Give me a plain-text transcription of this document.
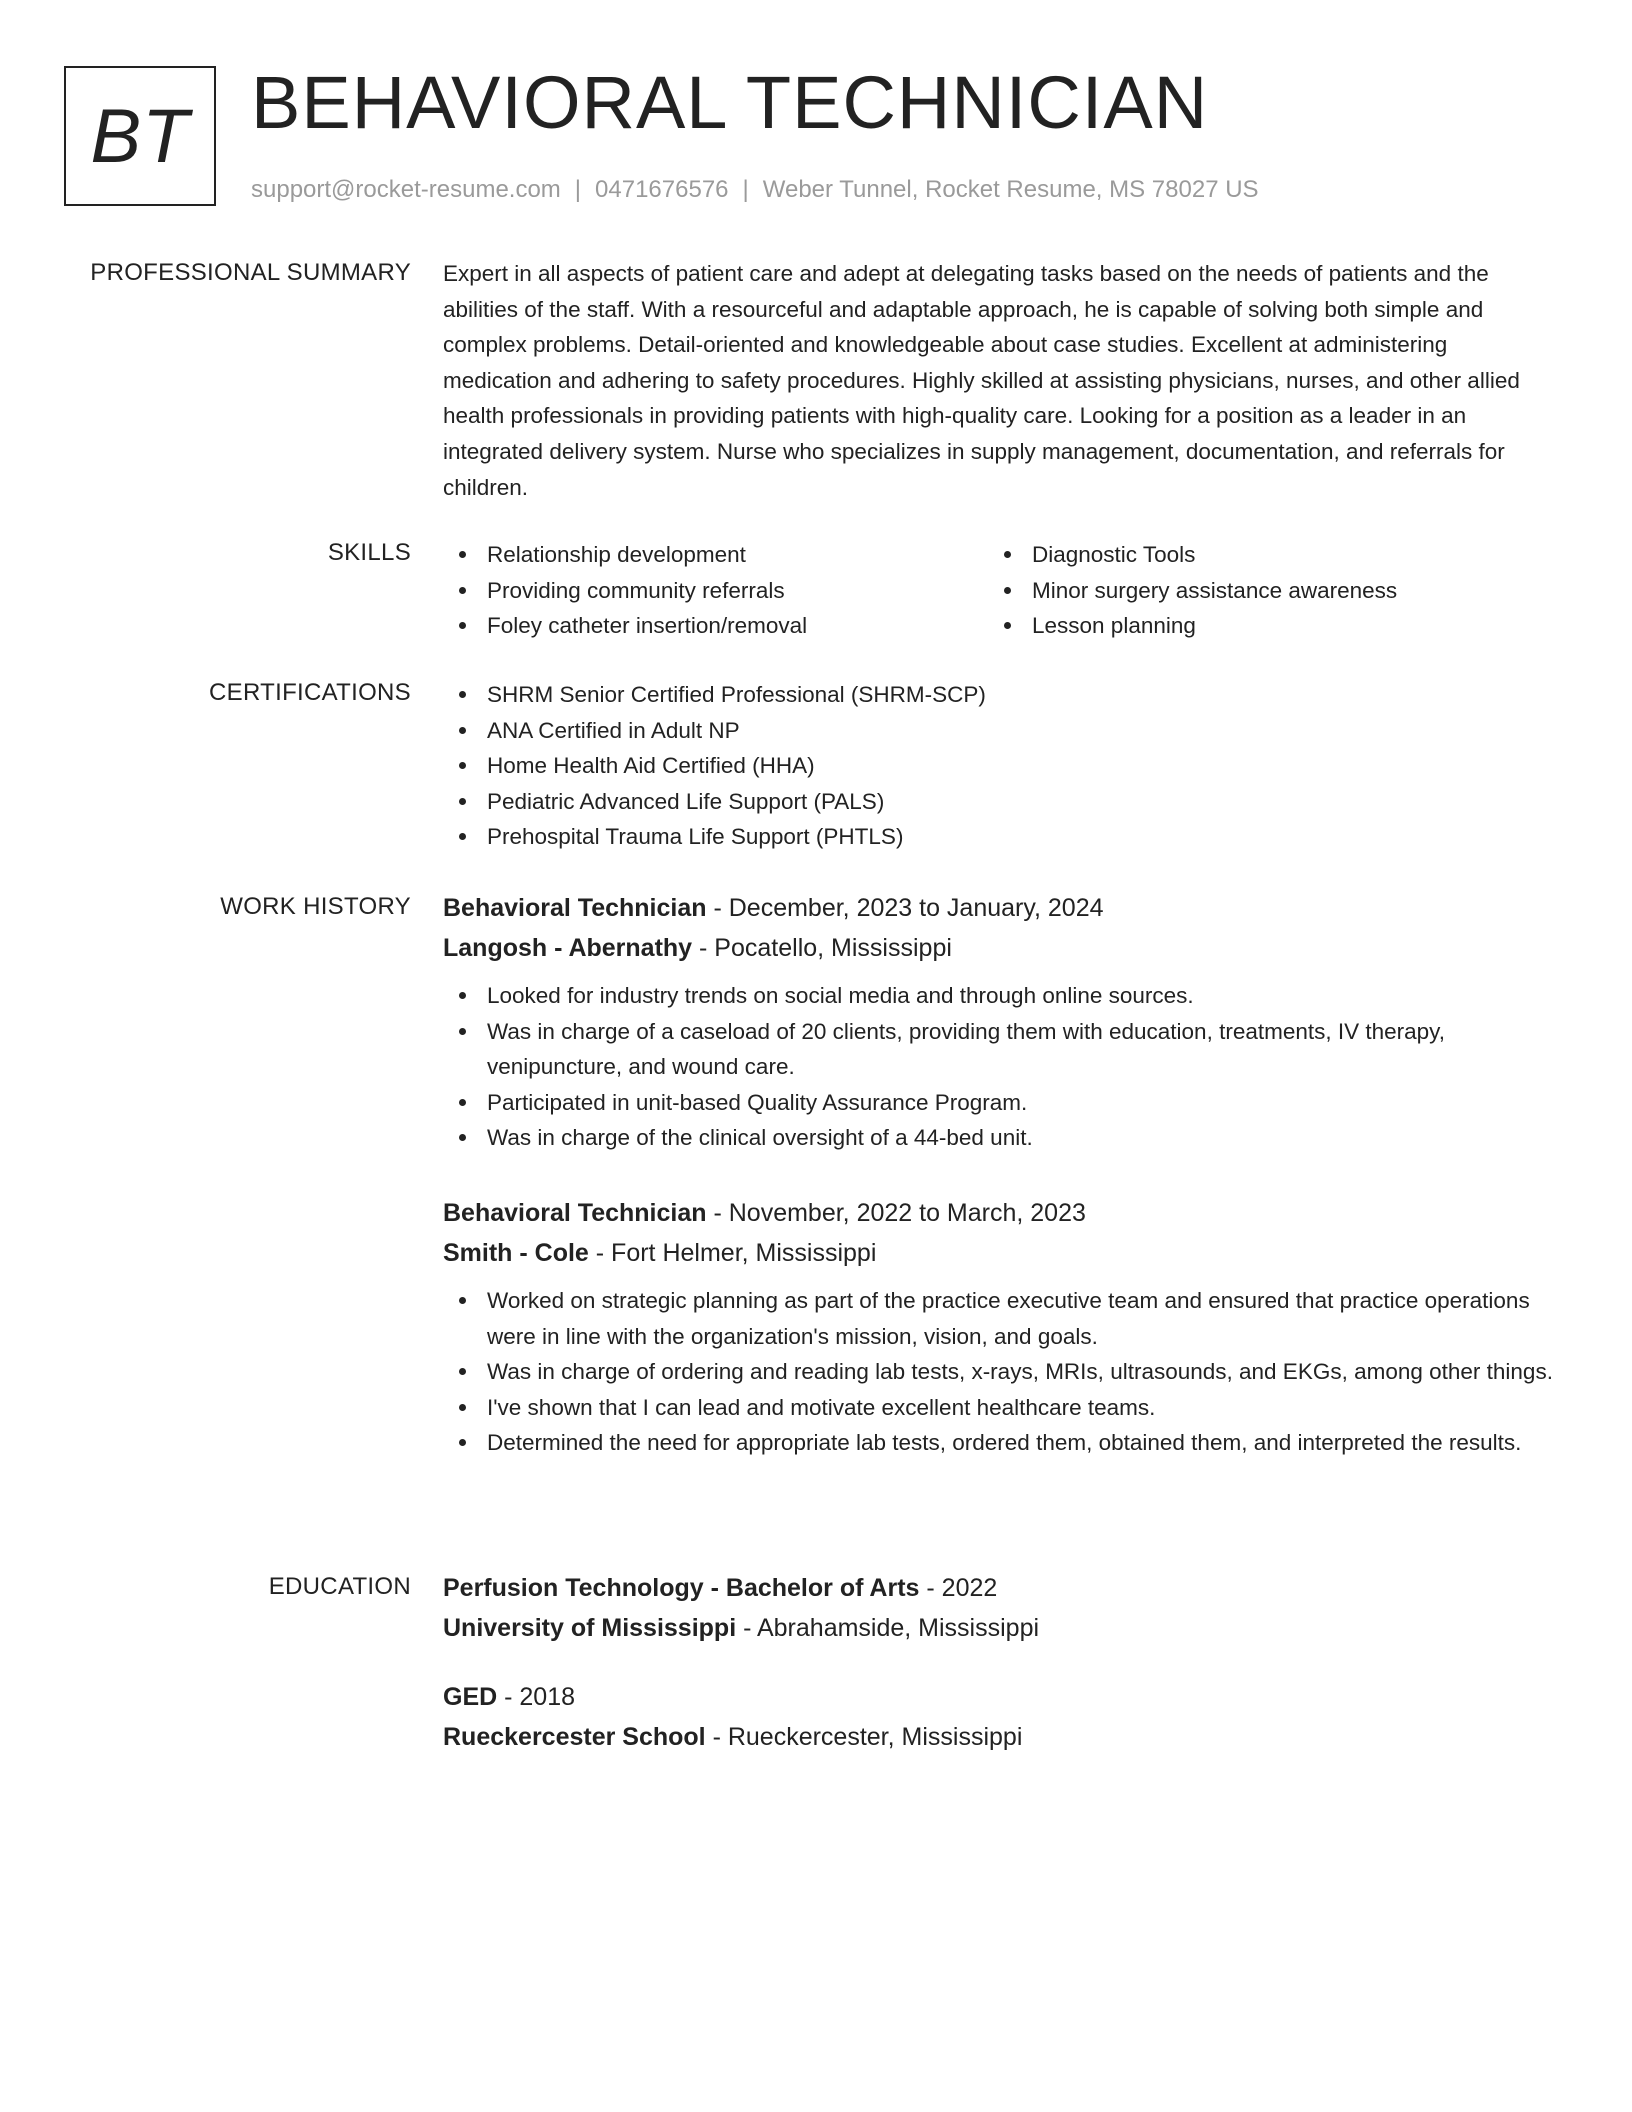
BT BEHAVIORAL TECHNICIAN
support@rocket-resume.com | 0471676576 | Weber Tunnel, Rocket Resume, MS 78027 US
PROFESSIONAL SUMMARY Expert in all aspects of patient care and adept at delegating tasks based on the needs of patients and the abilities of the staff. With a resourceful and adaptable approach, he is capable of solving both simple and complex problems. Detail-oriented and knowledgeable about case studies. Excellent at administering medication and adhering to safety procedures. Highly skilled at assisting physicians, nurses, and other allied health professionals in providing patients with high-quality care. Looking for a position as a leader in an integrated delivery system. Nurse who specializes in supply management, documentation, and referrals for children.

SKILLS	Relationship development
Providing community referrals
Foley catheter insertion/removal
Diagnostic Tools
Minor surgery assistance awareness
Lesson planning
CERTIFICATIONS	SHRM Senior Certified Professional (SHRM-SCP)
ANA Certified in Adult NP
Home Health Aid Certified (HHA)
Pediatric Advanced Life Support (PALS)
Prehospital Trauma Life Support (PHTLS)
WORK HISTORY Behavioral Technician - December, 2023 to January, 2024
Langosh - Abernathy - Pocatello, Mississippi
Looked for industry trends on social media and through online sources.
Was in charge of a caseload of 20 clients, providing them with education, treatments, IV therapy, venipuncture, and wound care.
Participated in unit-based Quality Assurance Program.
Was in charge of the clinical oversight of a 44-bed unit.
Behavioral Technician - November, 2022 to March, 2023
Smith - Cole - Fort Helmer, Mississippi
Worked on strategic planning as part of the practice executive team and ensured that practice operations were in line with the organization's mission, vision, and goals.
Was in charge of ordering and reading lab tests, x-rays, MRIs, ultrasounds, and EKGs, among other things.
I've shown that I can lead and motivate excellent healthcare teams.
Determined the need for appropriate lab tests, ordered them, obtained them, and interpreted the results.
EDUCATION Perfusion Technology - Bachelor of Arts - 2022
University of Mississippi - Abrahamside, Mississippi
GED - 2018
Rueckercester School - Rueckercester, Mississippi
